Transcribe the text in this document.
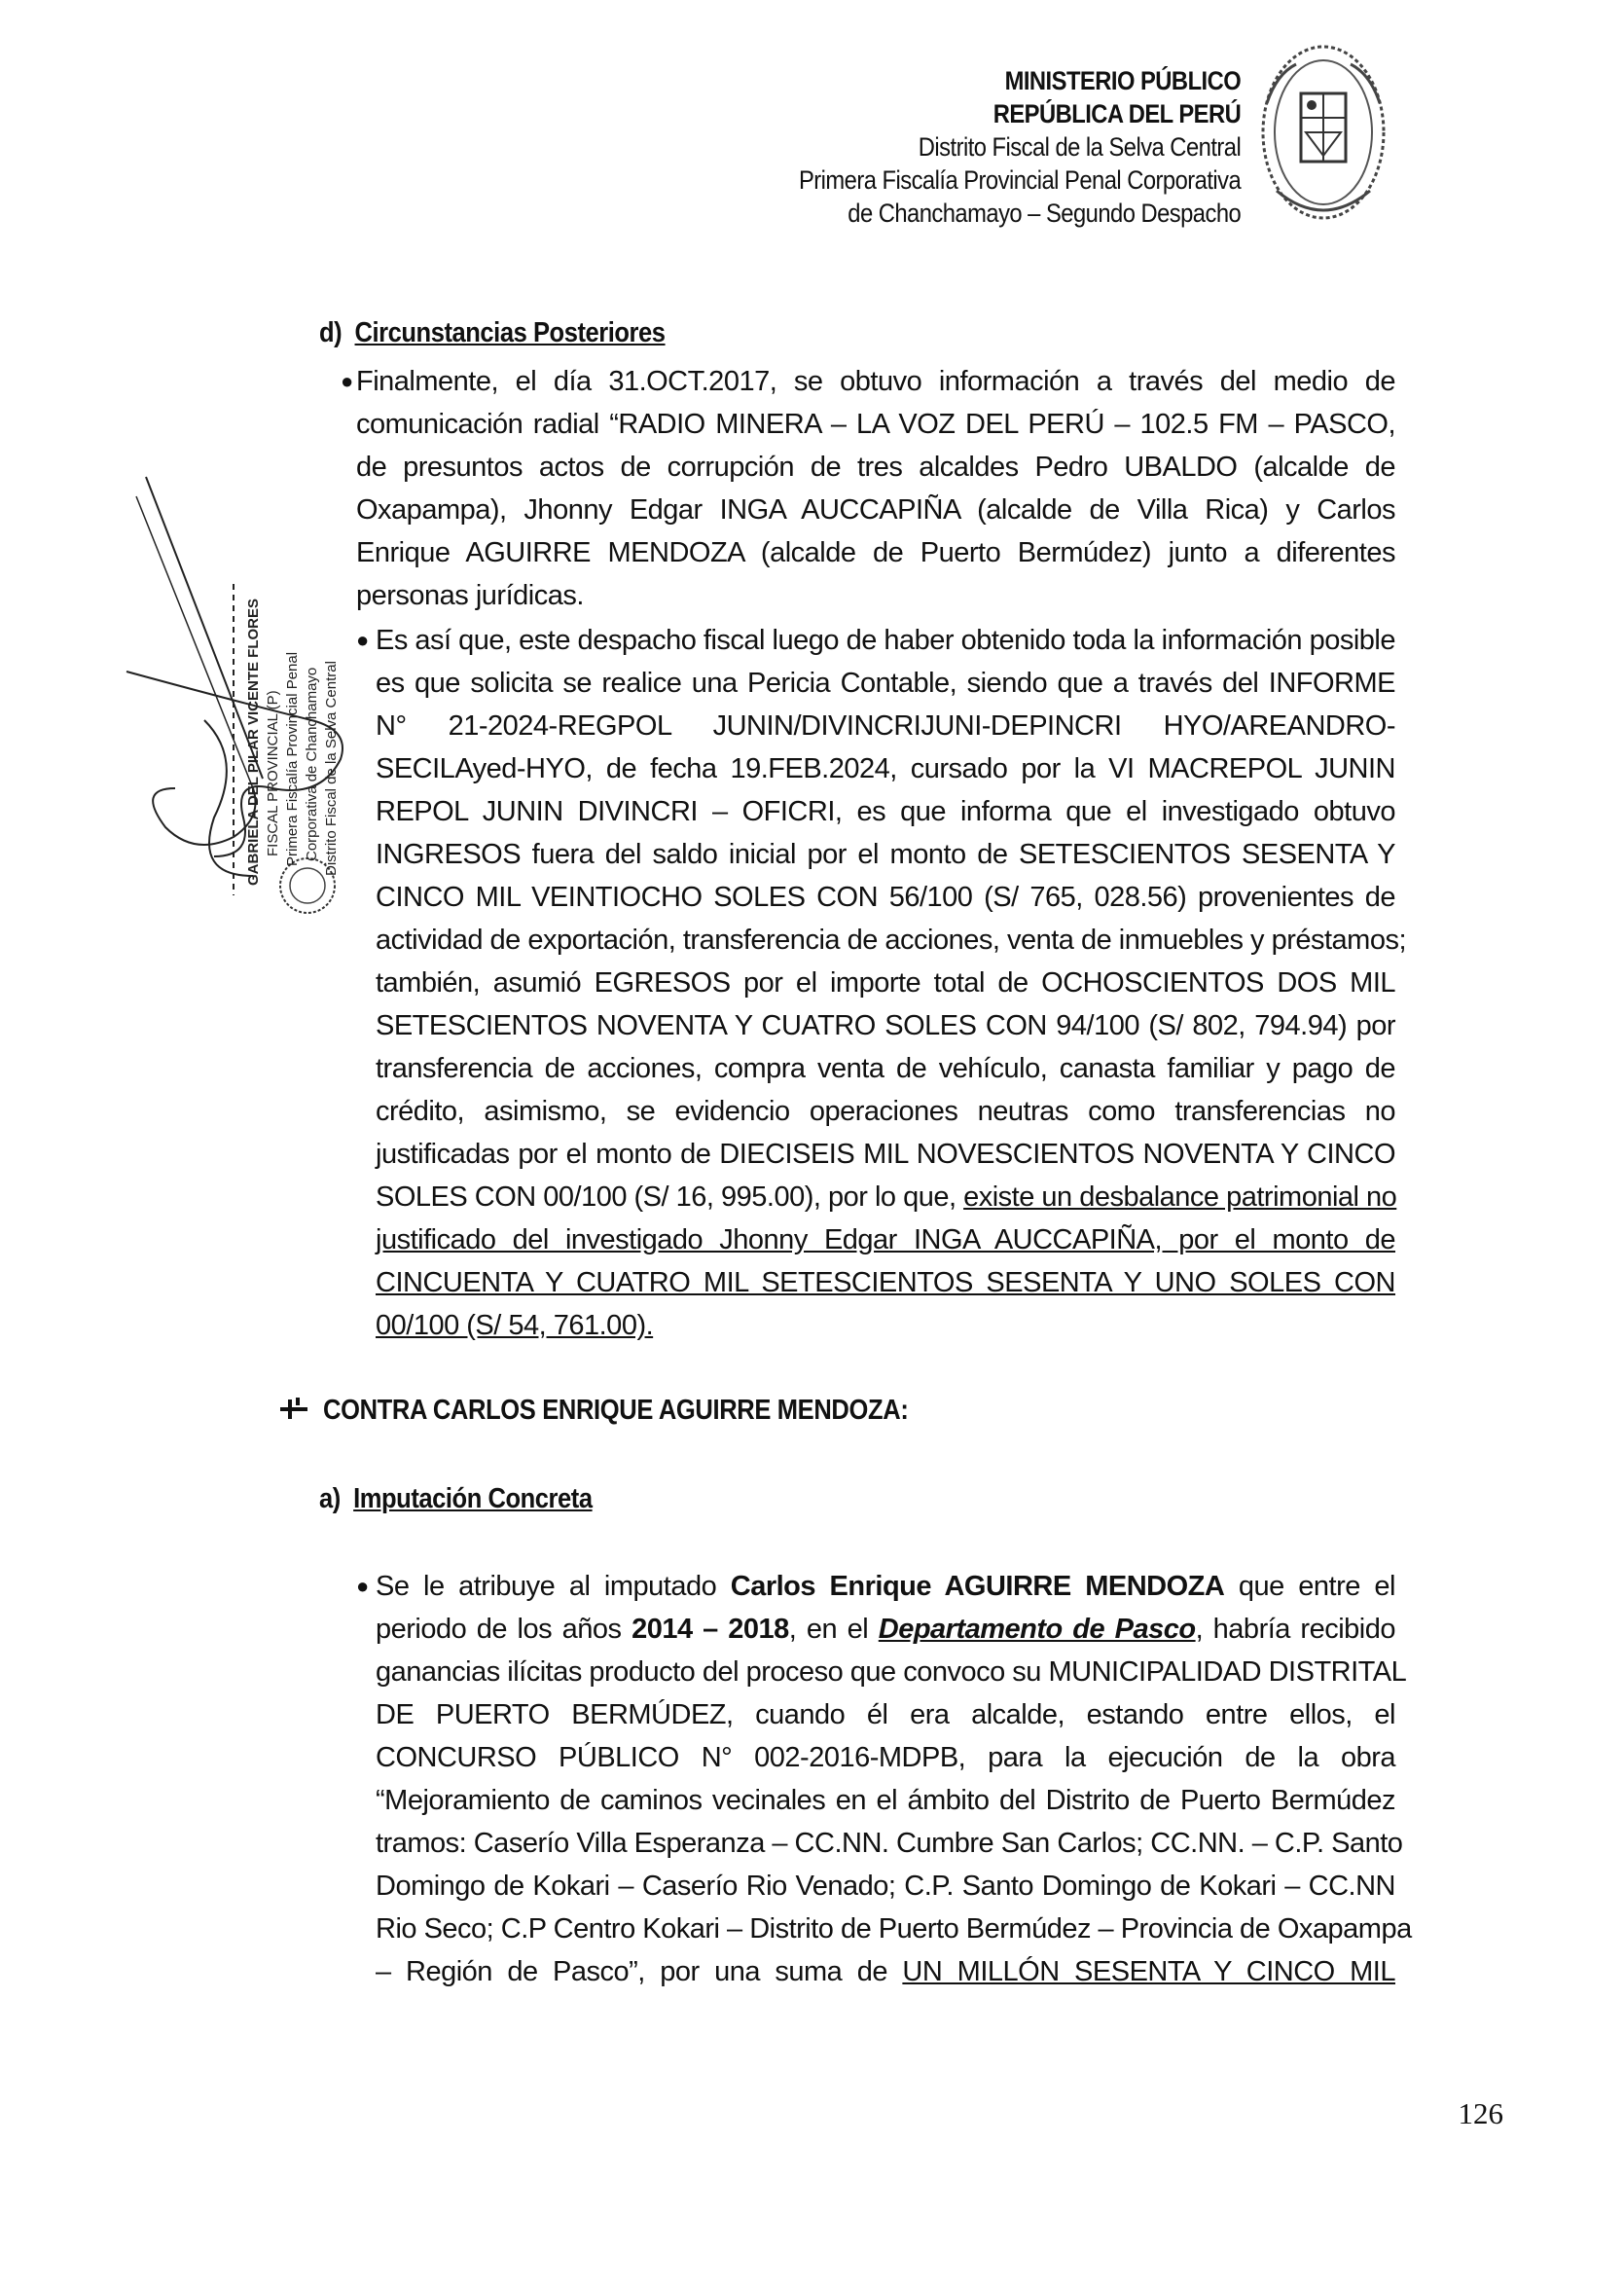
MINISTERIO PÚBLICO
REPÚBLICA DEL PERÚ
Distrito Fiscal de la Selva Central
Primera Fiscalía Provincial Penal Corporativa
de Chanchamayo – Segundo Despacho
d) Circunstancias Posteriores
● Finalmente, el día 31.OCT.2017, se obtuvo información a través del medio de
comunicación radial “RADIO MINERA – LA VOZ DEL PERÚ – 102.5 FM – PASCO,
de presuntos actos de corrupción de tres alcaldes Pedro UBALDO (alcalde de
Oxapampa), Jhonny Edgar INGA AUCCAPIÑA (alcalde de Villa Rica) y Carlos
Enrique AGUIRRE MENDOZA (alcalde de Puerto Bermúdez) junto a diferentes
personas jurídicas.
● Es así que, este despacho fiscal luego de haber obtenido toda la información posible
es que solicita se realice una Pericia Contable, siendo que a través del INFORME
N° 21-2024-REGPOL JUNIN/DIVINCRIJUNI-DEPINCRI HYO/AREANDRO-
SECILAyed-HYO, de fecha 19.FEB.2024, cursado por la VI MACREPOL JUNIN
REPOL JUNIN DIVINCRI – OFICRI, es que informa que el investigado obtuvo
INGRESOS fuera del saldo inicial por el monto de SETESCIENTOS SESENTA Y
CINCO MIL VEINTIOCHO SOLES CON 56/100 (S/ 765, 028.56) provenientes de
actividad de exportación, transferencia de acciones, venta de inmuebles y préstamos;
también, asumió EGRESOS por el importe total de OCHOSCIENTOS DOS MIL
SETESCIENTOS NOVENTA Y CUATRO SOLES CON 94/100 (S/ 802, 794.94) por
transferencia de acciones, compra venta de vehículo, canasta familiar y pago de
crédito, asimismo, se evidencio operaciones neutras como transferencias no
justificadas por el monto de DIECISEIS MIL NOVESCIENTOS NOVENTA Y CINCO
SOLES CON 00/100 (S/ 16, 995.00), por lo que, existe un desbalance patrimonial no
justificado del investigado Jhonny Edgar INGA AUCCAPIÑA, por el monto de
CINCUENTA Y CUATRO MIL SETESCIENTOS SESENTA Y UNO SOLES CON
00/100 (S/ 54, 761.00).
CONTRA CARLOS ENRIQUE AGUIRRE MENDOZA:
a) Imputación Concreta
● Se le atribuye al imputado Carlos Enrique AGUIRRE MENDOZA que entre el
periodo de los años 2014 – 2018, en el Departamento de Pasco, habría recibido
ganancias ilícitas producto del proceso que convoco su MUNICIPALIDAD DISTRITAL
DE PUERTO BERMÚDEZ, cuando él era alcalde, estando entre ellos, el
CONCURSO PÚBLICO N° 002-2016-MDPB, para la ejecución de la obra
“Mejoramiento de caminos vecinales en el ámbito del Distrito de Puerto Bermúdez
tramos: Caserío Villa Esperanza – CC.NN. Cumbre San Carlos; CC.NN. – C.P. Santo
Domingo de Kokari – Caserío Rio Venado; C.P. Santo Domingo de Kokari – CC.NN
Rio Seco; C.P Centro Kokari – Distrito de Puerto Bermúdez – Provincia de Oxapampa
– Región de Pasco”, por una suma de UN MILLÓN SESENTA Y CINCO MIL
GABRIELA DEL PILAR VICENTE FLORES FISCAL PROVINCIAL (P) Primera Fiscalía Provincial Penal Corporativa de Chanchamayo Distrito Fiscal de la Selva Central
126
